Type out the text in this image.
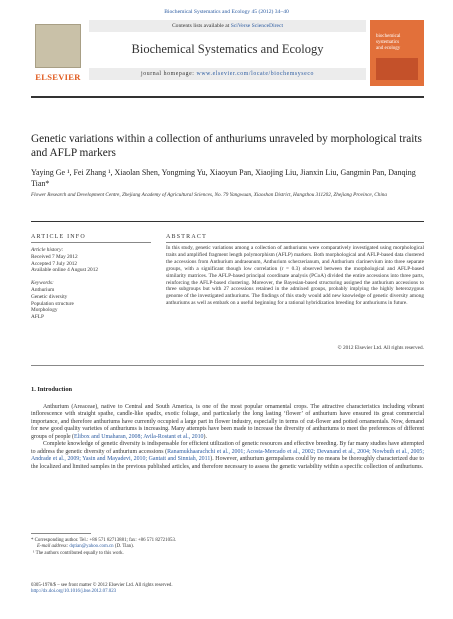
Biochemical Systematics and Ecology 45 (2012) 34–40
ELSEVIER
Contents lists available at SciVerse ScienceDirect
Biochemical Systematics and Ecology
journal homepage: www.elsevier.com/locate/biochemsyseco
biochemical
systematics
and ecology
Genetic variations within a collection of anthuriums unraveled by morphological traits and AFLP markers
Yaying Ge ¹, Fei Zhang ¹, Xiaolan Shen, Yongming Yu, Xiaoyun Pan, Xiaojing Liu, Jianxin Liu, Gangmin Pan, Danqing Tian*
Flower Research and Development Centre, Zhejiang Academy of Agricultural Sciences, No. 79 Yangwuan, Xiaoshan District, Hangzhou 311202, Zhejiang Province, China
ARTICLE INFO	ABSTRACT
Article history:
Received 7 May 2012
Accepted 7 July 2012
Available online 4 August 2012
Keywords:
Anthurium
Genetic diversity
Population structure
Morphology
AFLP
In this study, genetic variations among a collection of anthuriums were comparatively investigated using morphological traits and amplified fragment length polymorphism (AFLP) markers. Both morphological and AFLP-based data clustered the accessions from Anthurium andraeanum, Anthurium scherzerianum, and Anthurium clarinervium into three separate groups, with a significant though low correlation (r = 0.3) observed between the morphological and AFLP-based similarity matrices. The AFLP-based principal coordinate analysis (PCoA) divided the entire accessions into three parts, reinforcing the AFLP-based clustering. Moreover, the Bayesian-based structuring assigned the anthurium accessions to three subgroups but with 27 accessions retained in the admixed groups, probably implying the highly heterozygous genome of the investigated anthuriums. The findings of this study would add new knowledge of genetic diversity among anthuriums as well as embark on a useful beginning for a rational hybridization breeding for anthuriums in future.
© 2012 Elsevier Ltd. All rights reserved.
1. Introduction

Anthurium (Areaceae), native to Central and South America, is one of the most popular ornamental crops. The attractive characteristics including vibrant inflorescence with straight spathe, candle-like spadix, exotic foliage, and particularly the long lasting ‘flower’ of anthurium have ensured its great commercial importance, and therefore anthuriums have currently occupied a large part in flower industry, especially in terms of cut-flower and potted ornamentals. Now, demand for new good quality varieties of anthuriums is increasing. Many attempts have been made to increase the diversity of anthuriums to meet the preferences of different groups of people (Elibox and Umaharan, 2008; Avila-Rostant et al., 2010).

Complete knowledge of genetic diversity is indispensable for efficient utilization of genetic resources and effective breeding. By far many studies have attempted to address the genetic diversity of anthurium accessions (Ranamukhaarachchi et al., 2001; Acosta-Mercado et al., 2002; Devanand et al., 2004; Nowbuth et al., 2005; Andrade et al., 2009; Yasin and Mayadevi, 2010; Gantait and Sinniah, 2011). However, anthurium germpalsms could by no means be thoroughly characterized due to the localized and limited samples in the previous published articles, and therefore necessary to assess the genetic variability within a specific collection of anthuriums.

* Corresponding author. Tel.: +86 571 82713881; fax: +86 571 82721053.
E-mail address: dqtian@yahoo.com.cn (D. Tian).
¹ The authors contributed equally to this work.
0305-1978/$ – see front matter © 2012 Elsevier Ltd. All rights reserved.
http://dx.doi.org/10.1016/j.bse.2012.07.023
